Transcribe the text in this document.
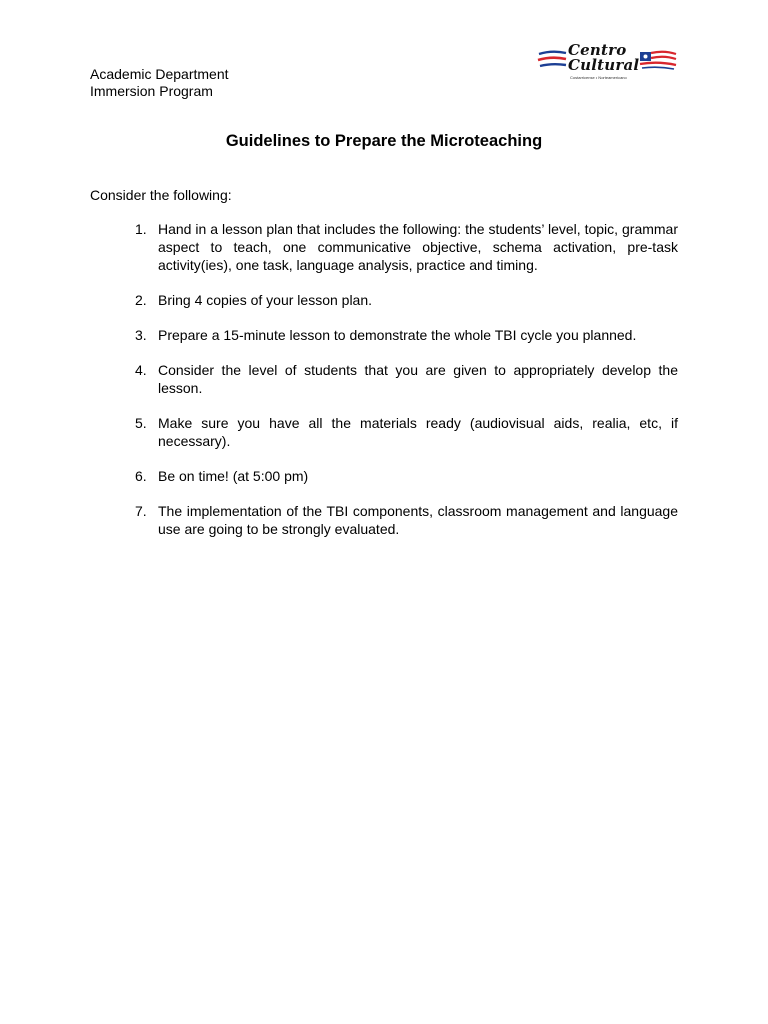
Academic Department
Immersion Program
Centro
Cultural
Costarricense • Norteamericano
Guidelines to Prepare the Microteaching
Consider the following:
1. Hand in a lesson plan that includes the following: the students’ level, topic, grammar aspect to teach, one communicative objective, schema activation, pre-task activity(ies), one task, language analysis, practice and timing.
2. Bring 4 copies of your lesson plan.
3. Prepare a 15-minute lesson to demonstrate the whole TBI cycle you planned.
4. Consider the level of students that you are given to appropriately develop the lesson.
5. Make sure you have all the materials ready (audiovisual aids, realia, etc, if necessary).
6. Be on time! (at 5:00 pm)
7. The implementation of the TBI components, classroom management and language use are going to be strongly evaluated.
